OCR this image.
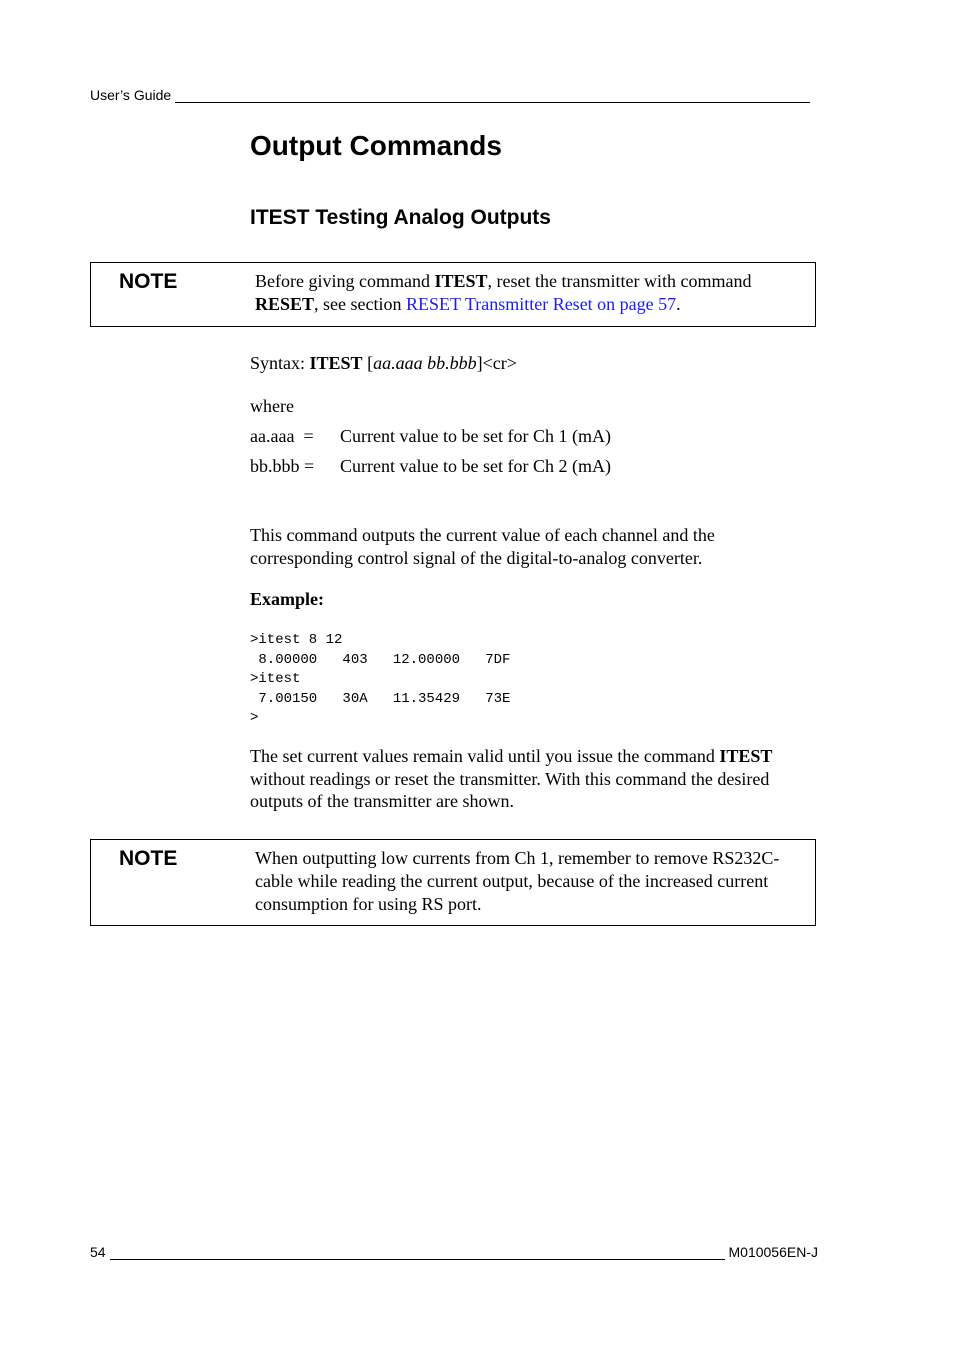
User’s Guide
Output Commands
ITEST Testing Analog Outputs
NOTE	Before giving command ITEST, reset the transmitter with command
RESET, see section RESET Transmitter Reset on page 57.
Syntax: ITEST [aa.aaa bb.bbb]<cr>
where
aa.aaa  = Current value to be set for Ch 1 (mA)
bb.bbb = Current value to be set for Ch 2 (mA)
This command outputs the current value of each channel and the corresponding control signal of the digital-to-analog converter.
Example:
>itest 8 12
8.00000   403   12.00000   7DF
>itest
7.00150   30A   11.35429   73E
>
The set current values remain valid until you issue the command ITEST without readings or reset the transmitter. With this command the desired outputs of the transmitter are shown.
NOTE	When outputting low currents from Ch 1, remember to remove RS232C-cable while reading the current output, because of the increased current consumption for using RS port.
54	M010056EN-J
